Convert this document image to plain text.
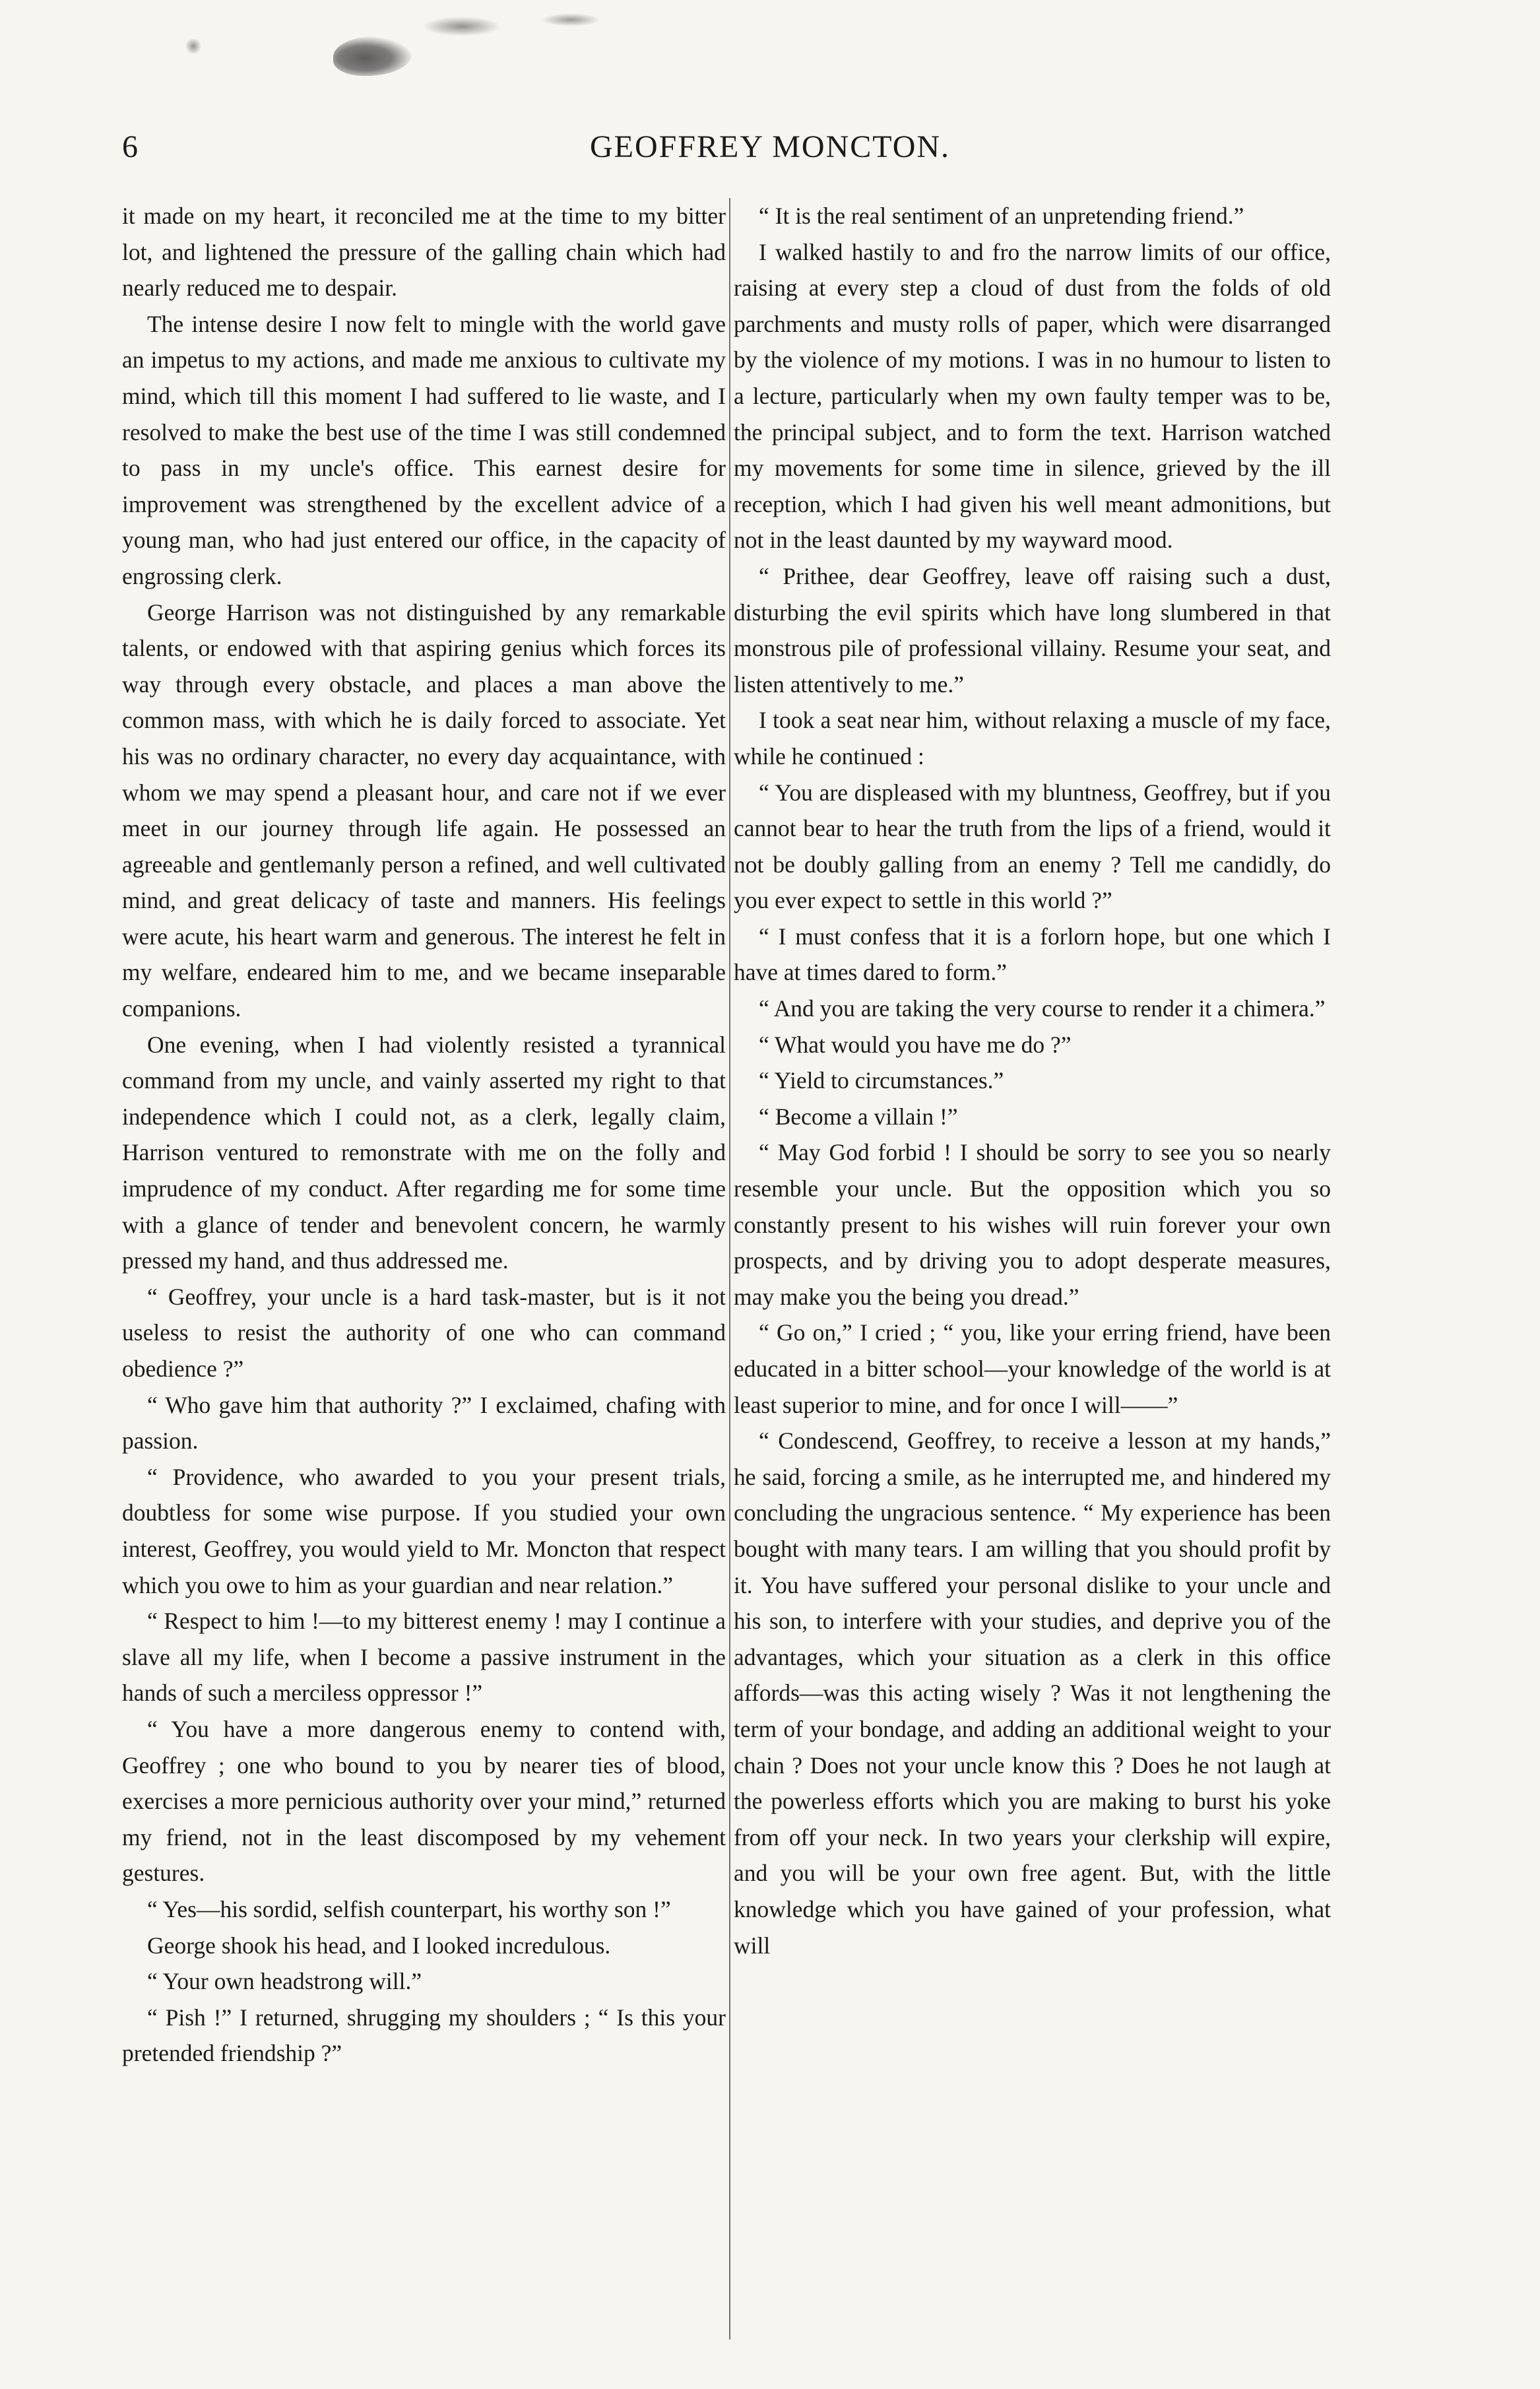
6	GEOFFREY MONCTON.

it made on my heart, it reconciled me at the time to my bitter lot, and lightened the pressure of the galling chain which had nearly reduced me to despair.

The intense desire I now felt to mingle with the world gave an impetus to my actions, and made me anxious to cultivate my mind, which till this moment I had suffered to lie waste, and I resolved to make the best use of the time I was still condemned to pass in my uncle's office. This earnest desire for improvement was strengthened by the excellent advice of a young man, who had just entered our office, in the capacity of engrossing clerk.

George Harrison was not distinguished by any remarkable talents, or endowed with that aspiring genius which forces its way through every obstacle, and places a man above the common mass, with which he is daily forced to associate. Yet his was no ordinary character, no every day acquaintance, with whom we may spend a pleasant hour, and care not if we ever meet in our journey through life again. He possessed an agreeable and gentlemanly person a refined, and well cultivated mind, and great delicacy of taste and manners. His feelings were acute, his heart warm and generous. The interest he felt in my welfare, endeared him to me, and we became inseparable companions.

One evening, when I had violently resisted a tyrannical command from my uncle, and vainly asserted my right to that independence which I could not, as a clerk, legally claim, Harrison ventured to remonstrate with me on the folly and imprudence of my conduct. After regarding me for some time with a glance of tender and benevolent concern, he warmly pressed my hand, and thus addressed me.

“ Geoffrey, your uncle is a hard task-master, but is it not useless to resist the authority of one who can command obedience ?”

“ Who gave him that authority ?” I exclaimed, chafing with passion.

“ Providence, who awarded to you your present trials, doubtless for some wise purpose. If you studied your own interest, Geoffrey, you would yield to Mr. Moncton that respect which you owe to him as your guardian and near relation.”

“ Respect to him !—to my bitterest enemy ! may I continue a slave all my life, when I become a passive instrument in the hands of such a merciless oppressor !”

“ You have a more dangerous enemy to contend with, Geoffrey ; one who bound to you by nearer ties of blood, exercises a more pernicious authority over your mind,” returned my friend, not in the least discomposed by my vehement gestures.

“ Yes—his sordid, selfish counterpart, his worthy son !”

George shook his head, and I looked incredulous.

“ Your own headstrong will.”

“ Pish !” I returned, shrugging my shoulders ; “ Is this your pretended friendship ?”

“ It is the real sentiment of an unpretending friend.”

I walked hastily to and fro the narrow limits of our office, raising at every step a cloud of dust from the folds of old parchments and musty rolls of paper, which were disarranged by the violence of my motions. I was in no humour to listen to a lecture, particularly when my own faulty temper was to be, the principal subject, and to form the text. Harrison watched my movements for some time in silence, grieved by the ill reception, which I had given his well meant admonitions, but not in the least daunted by my wayward mood.

“ Prithee, dear Geoffrey, leave off raising such a dust, disturbing the evil spirits which have long slumbered in that monstrous pile of professional villainy. Resume your seat, and listen attentively to me.”

I took a seat near him, without relaxing a muscle of my face, while he continued :

“ You are displeased with my bluntness, Geoffrey, but if you cannot bear to hear the truth from the lips of a friend, would it not be doubly galling from an enemy ? Tell me candidly, do you ever expect to settle in this world ?”

“ I must confess that it is a forlorn hope, but one which I have at times dared to form.”

“ And you are taking the very course to render it a chimera.”

“ What would you have me do ?”

“ Yield to circumstances.”

“ Become a villain !”

“ May God forbid ! I should be sorry to see you so nearly resemble your uncle. But the opposition which you so constantly present to his wishes will ruin forever your own prospects, and by driving you to adopt desperate measures, may make you the being you dread.”

“ Go on,” I cried ; “ you, like your erring friend, have been educated in a bitter school—your knowledge of the world is at least superior to mine, and for once I will——”

“ Condescend, Geoffrey, to receive a lesson at my hands,” he said, forcing a smile, as he interrupted me, and hindered my concluding the ungracious sentence. “ My experience has been bought with many tears. I am willing that you should profit by it. You have suffered your personal dislike to your uncle and his son, to interfere with your studies, and deprive you of the advantages, which your situation as a clerk in this office affords—was this acting wisely ? Was it not lengthening the term of your bondage, and adding an additional weight to your chain ? Does not your uncle know this ? Does he not laugh at the powerless efforts which you are making to burst his yoke from off your neck. In two years your clerkship will expire, and you will be your own free agent. But, with the little knowledge which you have gained of your profession, what will
